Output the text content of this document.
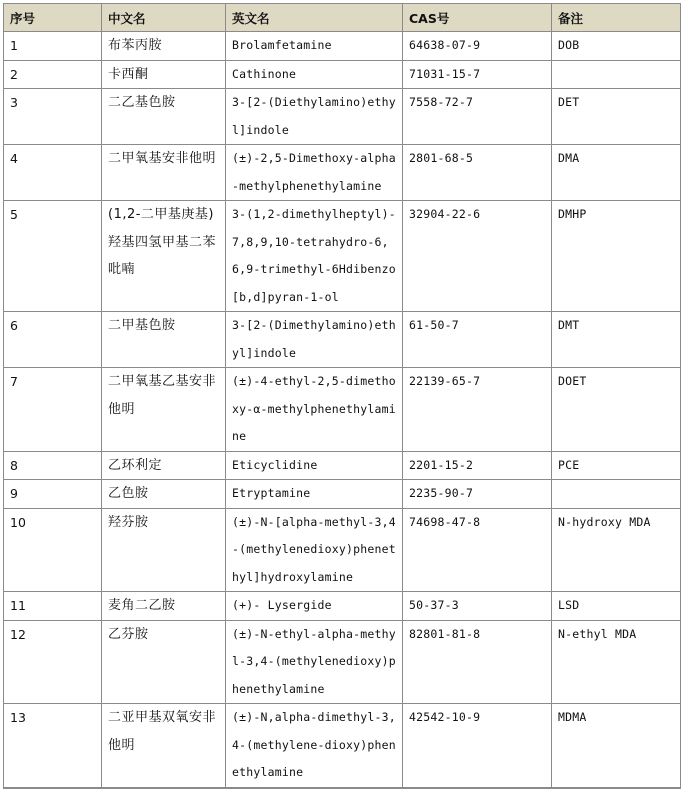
序号	中文名	英文名	CAS号	备注
1	布苯丙胺	Brolamfetamine	64638-07-9	DOB
2	卡西酮	Cathinone	71031-15-7	
3	二乙基色胺	3-[2-(Diethylamino)ethyl]indole	7558-72-7	DET
4	二甲氧基安非他明	(±)-2,5-Dimethoxy-alpha-methylphenethylamine	2801-68-5	DMA
5	(1,2-二甲基庚基)羟基四氢甲基二苯吡喃	3-(1,2-dimethylheptyl)-7,8,9,10-tetrahydro-6,6,9-trimethyl-6Hdibenzo[b,d]pyran-1-ol	32904-22-6	DMHP
6	二甲基色胺	3-[2-(Dimethylamino)ethyl]indole	61-50-7	DMT
7	二甲氧基乙基安非他明	(±)-4-ethyl-2,5-dimethoxy-α-methylphenethylamine	22139-65-7	DOET
8	乙环利定	Eticyclidine	2201-15-2	PCE
9	乙色胺	Etryptamine	2235-90-7	
10	羟芬胺	(±)-N-[alpha-methyl-3,4-(methylenedioxy)phenethyl]hydroxylamine	74698-47-8	N-hydroxy MDA
11	麦角二乙胺	(+)- Lysergide	50-37-3	LSD
12	乙芬胺	(±)-N-ethyl-alpha-methyl-3,4-(methylenedioxy)phenethylamine	82801-81-8	N-ethyl MDA
13	二亚甲基双氧安非他明	(±)-N,alpha-dimethyl-3,4-(methylene-dioxy)phenethylamine	42542-10-9	MDMA
